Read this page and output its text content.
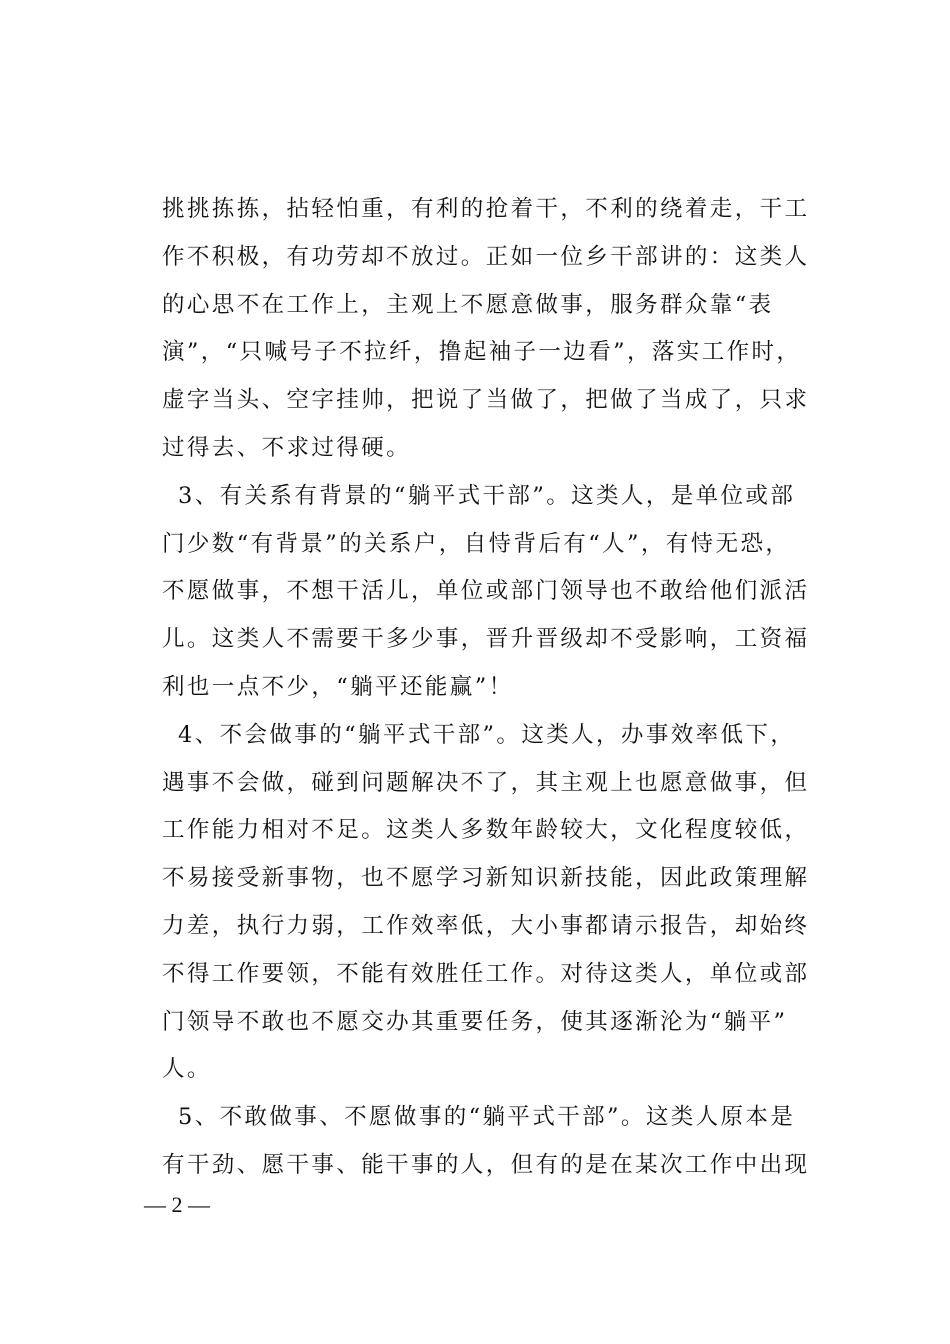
挑挑拣拣，拈轻怕重，有利的抢着干，不利的绕着走，干工
作不积极，有功劳却不放过。正如一位乡干部讲的：这类人
的心思不在工作上，主观上不愿意做事，服务群众靠“表
演”，“只喊号子不拉纤，撸起袖子一边看”，落实工作时，
虚字当头、空字挂帅，把说了当做了，把做了当成了，只求
过得去、不求过得硬。
3、有关系有背景的“躺平式干部”。这类人，是单位或部
门少数“有背景”的关系户，自恃背后有“人”，有恃无恐，
不愿做事，不想干活儿，单位或部门领导也不敢给他们派活
儿。这类人不需要干多少事，晋升晋级却不受影响，工资福
利也一点不少，“躺平还能赢”！
4、不会做事的“躺平式干部”。这类人，办事效率低下，
遇事不会做，碰到问题解决不了，其主观上也愿意做事，但
工作能力相对不足。这类人多数年龄较大，文化程度较低，
不易接受新事物，也不愿学习新知识新技能，因此政策理解
力差，执行力弱，工作效率低，大小事都请示报告，却始终
不得工作要领，不能有效胜任工作。对待这类人，单位或部
门领导不敢也不愿交办其重要任务，使其逐渐沦为“躺平”
人。
5、不敢做事、不愿做事的“躺平式干部”。这类人原本是
有干劲、愿干事、能干事的人，但有的是在某次工作中出现
— 2 —
